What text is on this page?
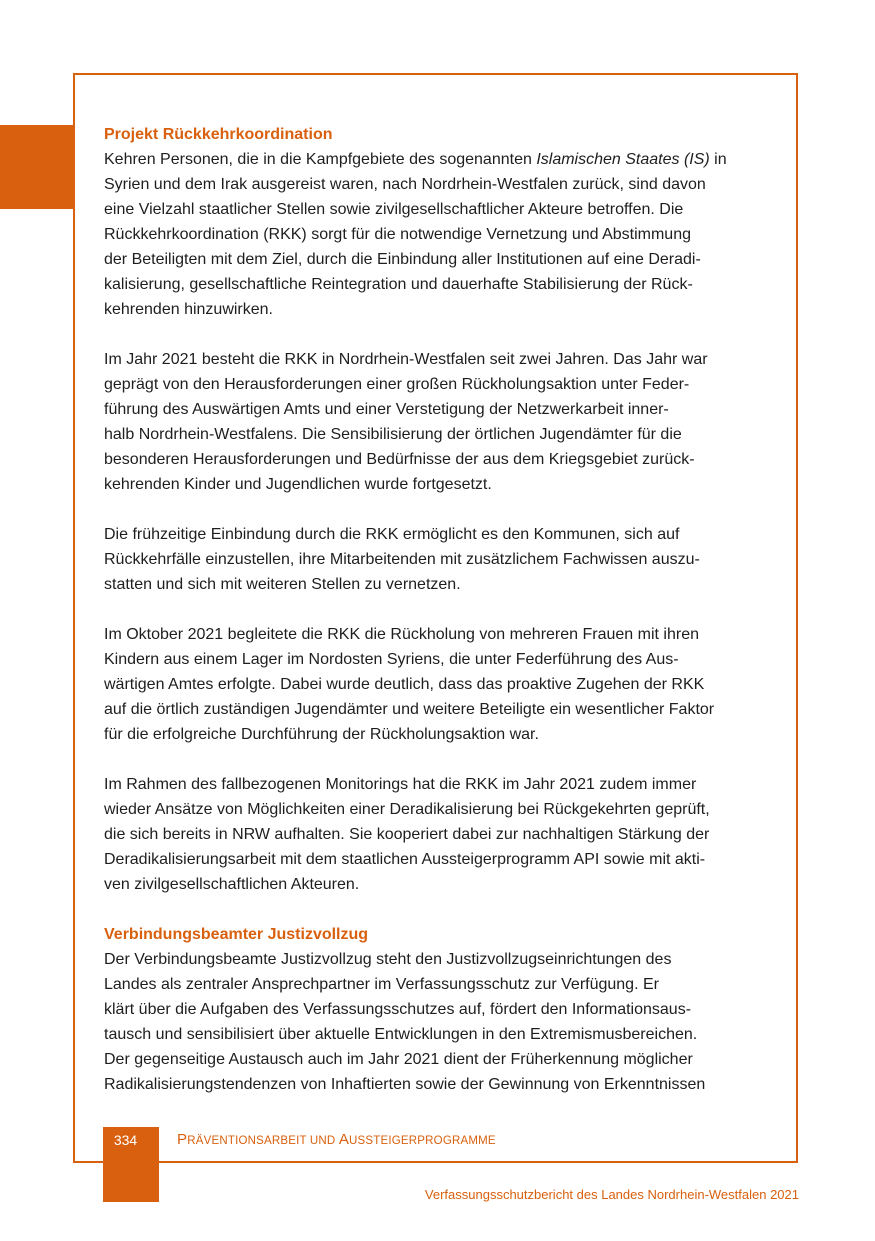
Projekt Rückkehrkoordination
Kehren Personen, die in die Kampfgebiete des sogenannten Islamischen Staates (IS) in
Syrien und dem Irak ausgereist waren, nach Nordrhein-Westfalen zurück, sind davon
eine Vielzahl staatlicher Stellen sowie zivilgesellschaftlicher Akteure betroffen. Die
Rückkehrkoordination (RKK) sorgt für die notwendige Vernetzung und Abstimmung
der Beteiligten mit dem Ziel, durch die Einbindung aller Institutionen auf eine Deradi-
kalisierung, gesellschaftliche Reintegration und dauerhafte Stabilisierung der Rück-
kehrenden hinzuwirken.
Im Jahr 2021 besteht die RKK in Nordrhein-Westfalen seit zwei Jahren. Das Jahr war
geprägt von den Herausforderungen einer großen Rückholungsaktion unter Feder-
führung des Auswärtigen Amts und einer Verstetigung der Netzwerkarbeit inner-
halb Nordrhein-Westfalens. Die Sensibilisierung der örtlichen Jugendämter für die
besonderen Herausforderungen und Bedürfnisse der aus dem Kriegsgebiet zurück-
kehrenden Kinder und Jugendlichen wurde fortgesetzt.
Die frühzeitige Einbindung durch die RKK ermöglicht es den Kommunen, sich auf
Rückkehrfälle einzustellen, ihre Mitarbeitenden mit zusätzlichem Fachwissen auszu-
statten und sich mit weiteren Stellen zu vernetzen.
Im Oktober 2021 begleitete die RKK die Rückholung von mehreren Frauen mit ihren
Kindern aus einem Lager im Nordosten Syriens, die unter Federführung des Aus-
wärtigen Amtes erfolgte. Dabei wurde deutlich, dass das proaktive Zugehen der RKK
auf die örtlich zuständigen Jugendämter und weitere Beteiligte ein wesentlicher Faktor
für die erfolgreiche Durchführung der Rückholungsaktion war.
Im Rahmen des fallbezogenen Monitorings hat die RKK im Jahr 2021 zudem immer
wieder Ansätze von Möglichkeiten einer Deradikalisierung bei Rückgekehrten geprüft,
die sich bereits in NRW aufhalten. Sie kooperiert dabei zur nachhaltigen Stärkung der
Deradikalisierungsarbeit mit dem staatlichen Aussteigerprogramm API sowie mit akti-
ven zivilgesellschaftlichen Akteuren.
Verbindungsbeamter Justizvollzug
Der Verbindungsbeamte Justizvollzug steht den Justizvollzugseinrichtungen des
Landes als zentraler Ansprechpartner im Verfassungsschutz zur Verfügung. Er
klärt über die Aufgaben des Verfassungsschutzes auf, fördert den Informationsaus-
tausch und sensibilisiert über aktuelle Entwicklungen in den Extremismusbereichen.
Der gegenseitige Austausch auch im Jahr 2021 dient der Früherkennung möglicher
Radikalisierungstendenzen von Inhaftierten sowie der Gewinnung von Erkenntnissen
334	PRÄVENTIONSARBEIT UND AUSSTEIGERPROGRAMME
Verfassungsschutzbericht des Landes Nordrhein-Westfalen 2021
